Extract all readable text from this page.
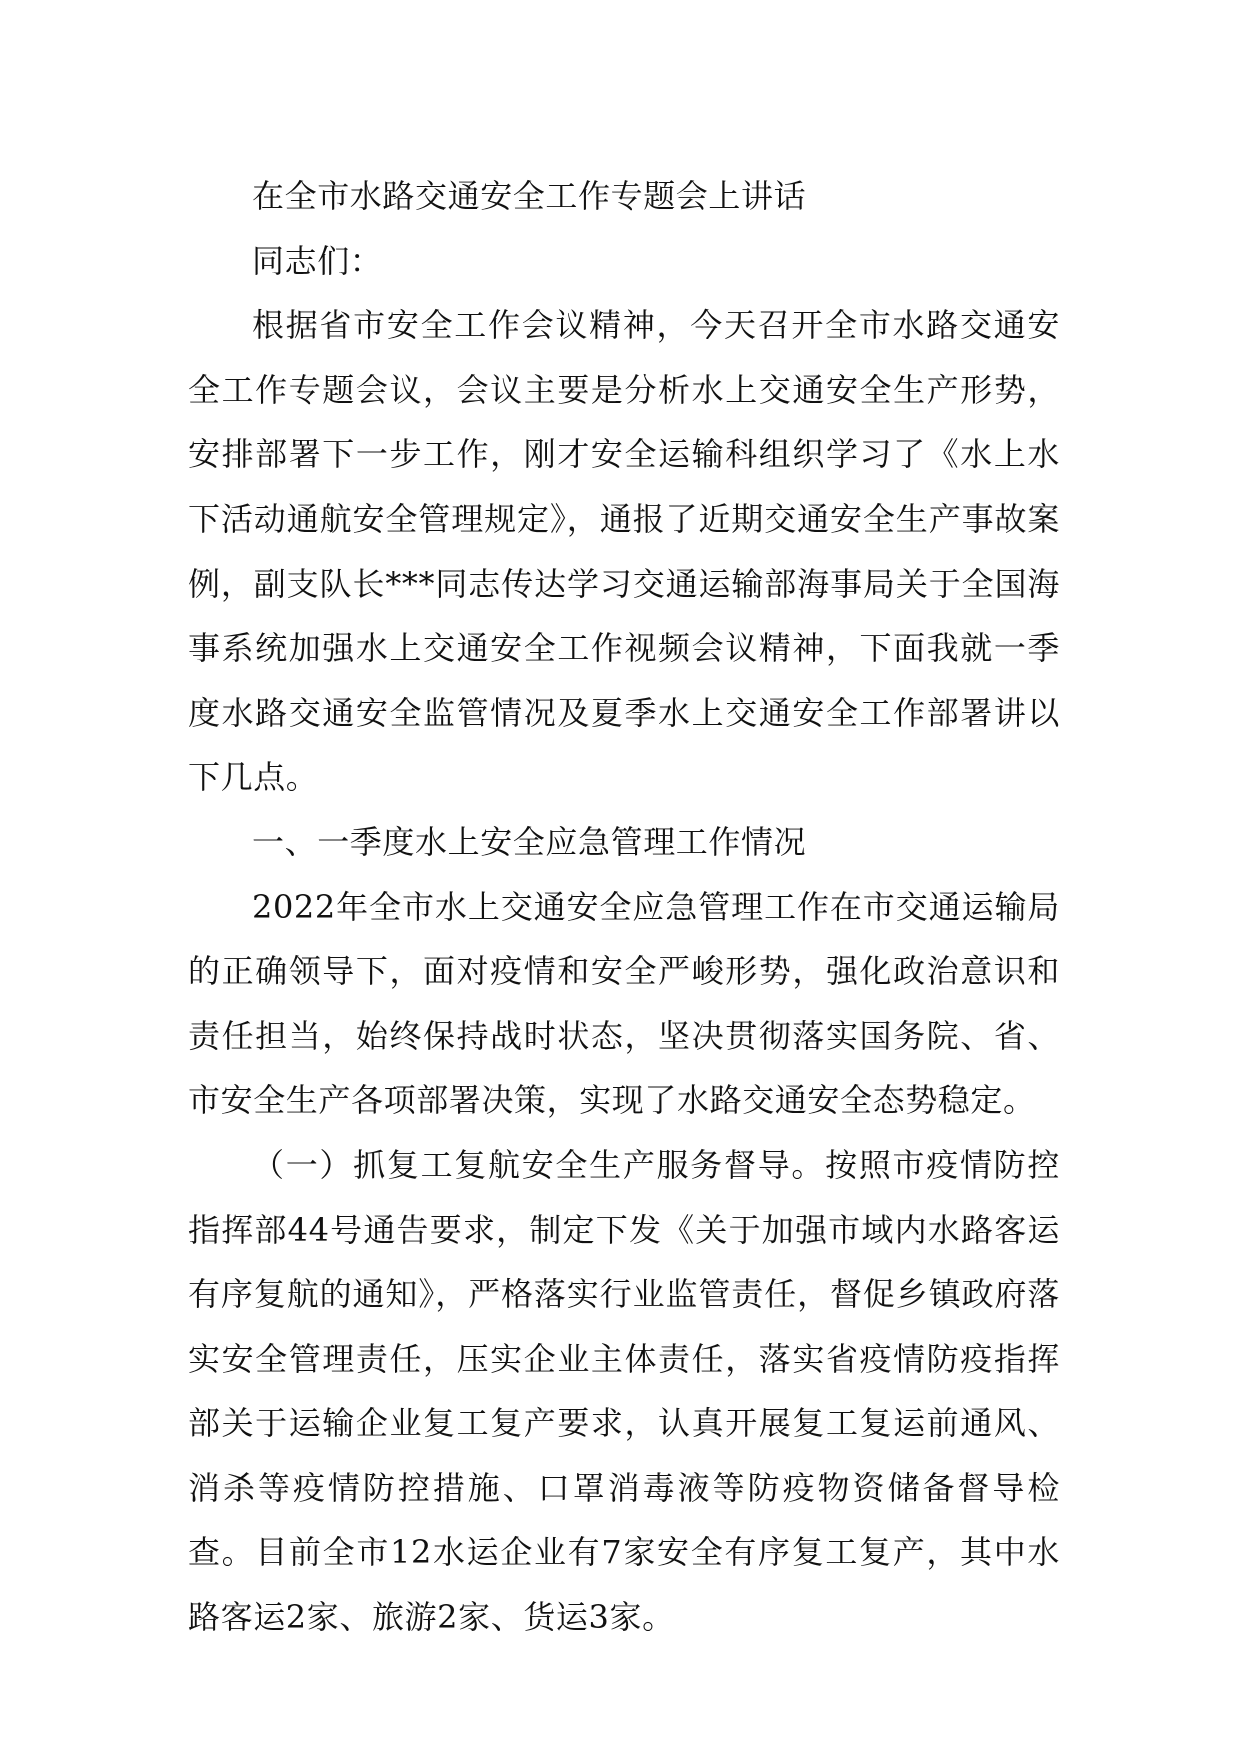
在全市水路交通安全工作专题会上讲话

同志们：

根据省市安全工作会议精神，今天召开全市水路交通安全工作专题会议，会议主要是分析水上交通安全生产形势，安排部署下一步工作，刚才安全运输科组织学习了《水上水下活动通航安全管理规定》，通报了近期交通安全生产事故案例，副支队长***同志传达学习交通运输部海事局关于全国海事系统加强水上交通安全工作视频会议精神，下面我就一季度水路交通安全监管情况及夏季水上交通安全工作部署讲以下几点。

一、一季度水上安全应急管理工作情况

2022年全市水上交通安全应急管理工作在市交通运输局的正确领导下，面对疫情和安全严峻形势，强化政治意识和责任担当，始终保持战时状态，坚决贯彻落实国务院、省、市安全生产各项部署决策，实现了水路交通安全态势稳定。

（一）抓复工复航安全生产服务督导。按照市疫情防控指挥部44号通告要求，制定下发《关于加强市域内水路客运有序复航的通知》，严格落实行业监管责任，督促乡镇政府落实安全管理责任，压实企业主体责任，落实省疫情防疫指挥部关于运输企业复工复产要求，认真开展复工复运前通风、消杀等疫情防控措施、口罩消毒液等防疫物资储备督导检查。目前全市12水运企业有7家安全有序复工复产，其中水路客运2家、旅游2家、货运3家。
